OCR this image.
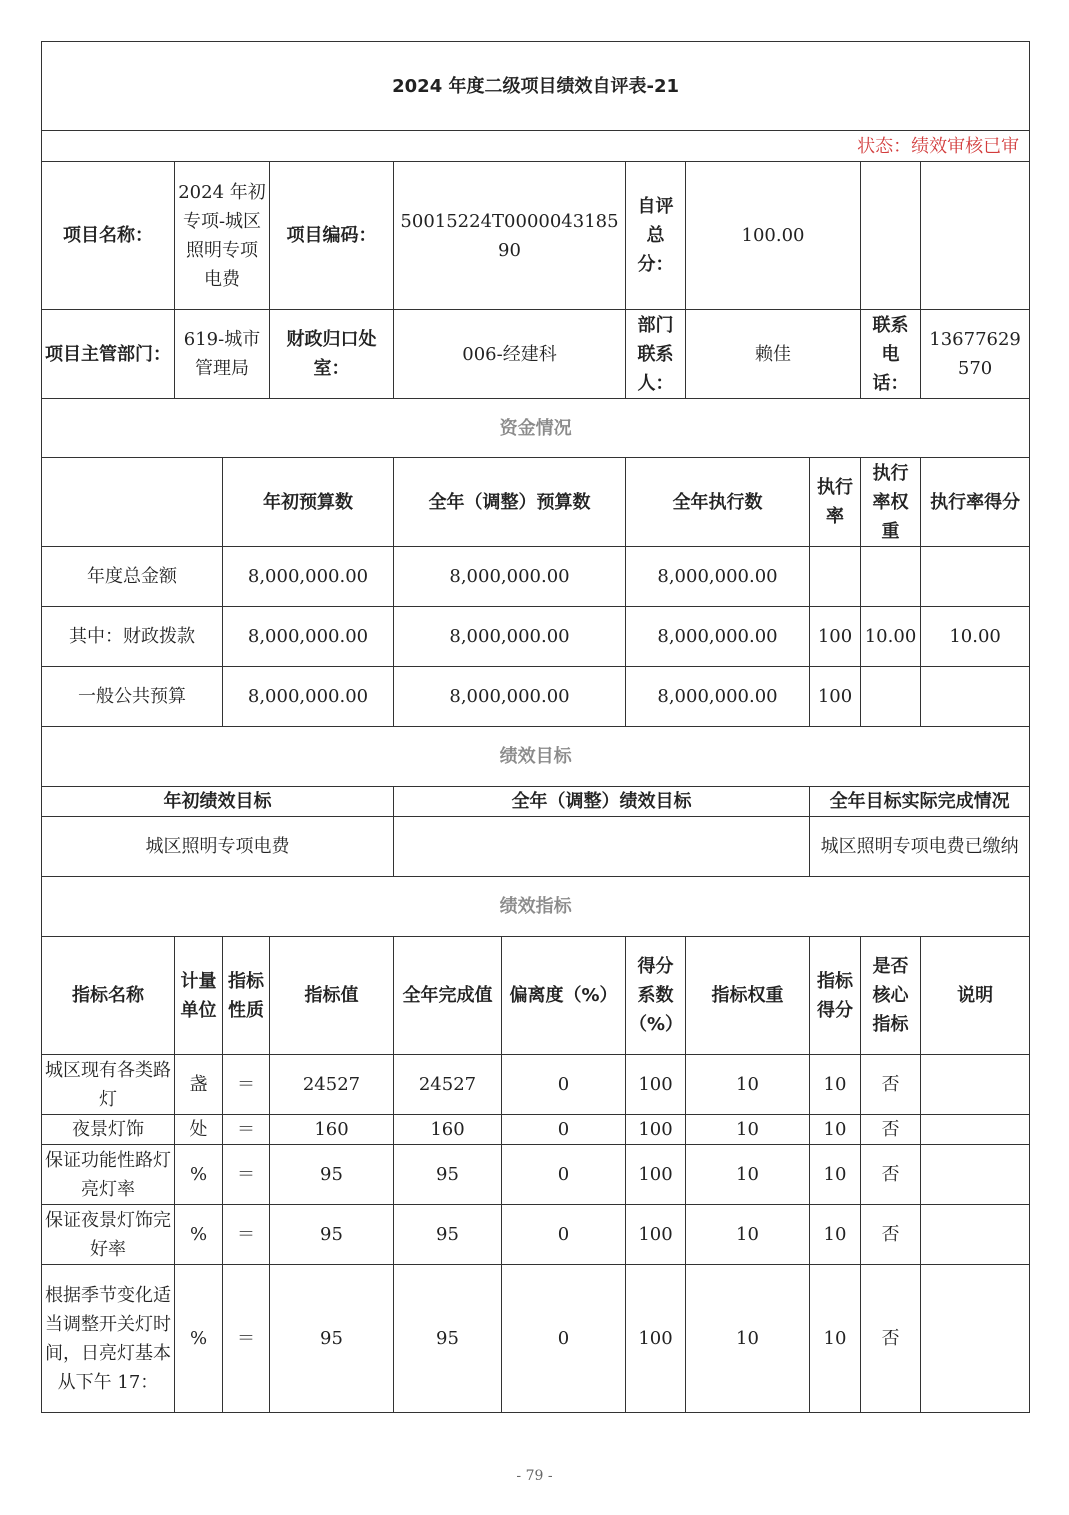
2024 年度二级项目绩效自评表-21										
状态：绩效审核已审										
项目名称：	2024 年初专项-城区照明专项电费		项目编码：	50015224T000004318590		自评总分：	100.00			
项目主管部门：	619-城市管理局		财政归口处室：	006-经建科		部门联系人：	赖佳		联系电话：	13677629570
资金情况										
		年初预算数		全年（调整）预算数		全年执行数		执行率	执行率权重	执行率得分
年度总金额		8,000,000.00		8,000,000.00		8,000,000.00				
其中：财政拨款		8,000,000.00		8,000,000.00		8,000,000.00		100	10.00	10.00
一般公共预算		8,000,000.00		8,000,000.00		8,000,000.00		100		
绩效目标										
年初绩效目标				全年（调整）绩效目标				全年目标实际完成情况		
城区照明专项电费								城区照明专项电费已缴纳		
绩效指标										
指标名称	计量单位	指标性质	指标值	全年完成值	偏离度（%）	得分系数（%）	指标权重	指标得分	是否核心指标	说明
城区现有各类路灯	盏	＝	24527	24527	0	100	10	10	否	
夜景灯饰	处	＝	160	160	0	100	10	10	否	
保证功能性路灯亮灯率	%	＝	95	95	0	100	10	10	否	
保证夜景灯饰完好率	%	＝	95	95	0	100	10	10	否	
根据季节变化适当调整开关灯时间，日亮灯基本从下午 17：	%	＝	95	95	0	100	10	10	否	
- 79 -
